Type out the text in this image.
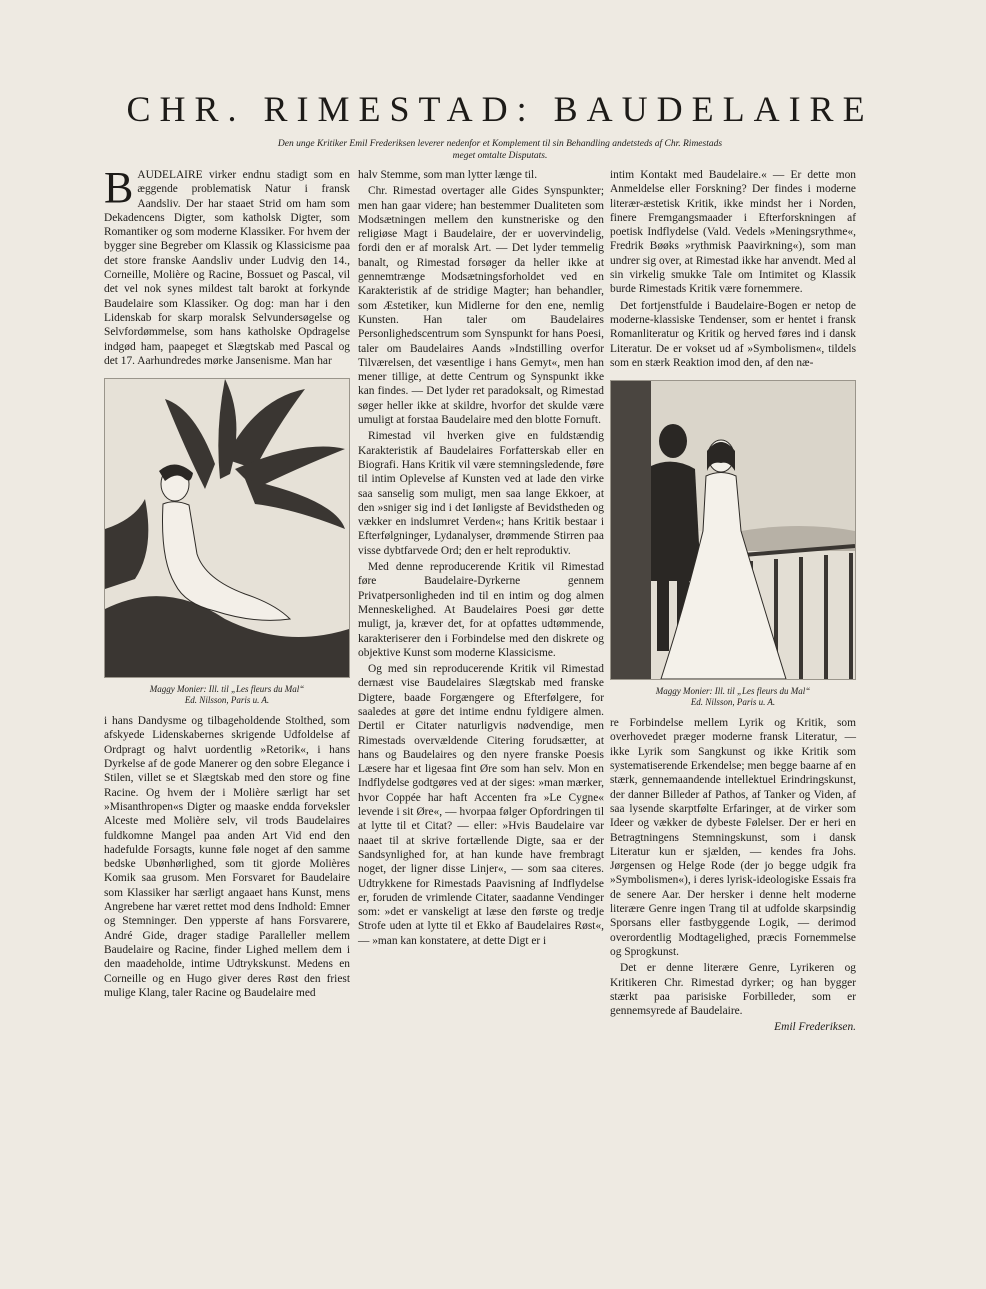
CHR. RIMESTAD: BAUDELAIRE

Den unge Kritiker Emil Frederiksen leverer nedenfor et Komplement til sin Behandling andetsteds af Chr. Rimestads meget omtalte Disputats.

BAUDELAIRE virker endnu stadigt som en æggende problematisk Natur i fransk Aandsliv. Der har staaet Strid om ham som Dekadencens Digter, som katholsk Digter, som Romantiker og som moderne Klassiker. For hvem der bygger sine Begreber om Klassik og Klassicisme paa det store franske Aandsliv under Ludvig den 14., Corneille, Molière og Racine, Bossuet og Pascal, vil det vel nok synes mildest talt barokt at forkynde Baudelaire som Klassiker. Og dog: man har i den Lidenskab for skarp moralsk Selvundersøgelse og Selvfordømmelse, som hans katholske Opdragelse indgød ham, paapeget et Slægtskab med Pascal og det 17. Aarhundredes mørke Jansenisme. Man har

Maggy Monier: Ill. til „Les fleurs du Mal“
Ed. Nilsson, Paris u. A.

i hans Dandysme og tilbageholdende Stolthed, som afskyede Lidenskabernes skrigende Udfoldelse af Ordpragt og halvt uordentlig »Retorik«, i hans Dyrkelse af de gode Manerer og den sobre Elegance i Stilen, villet se et Slægtskab med den store og fine Racine. Og hvem der i Molière særligt har set »Misanthropen«s Digter og maaske endda forveksler Alceste med Molière selv, vil trods Baudelaires fuldkomne Mangel paa anden Art Vid end den hadefulde Forsagts, kunne føle noget af den samme bedske Ubønhørlighed, som tit gjorde Molières Komik saa grusom. Men Forsvaret for Baudelaire som Klassiker har særligt angaaet hans Kunst, mens Angrebene har været rettet mod dens Indhold: Emner og Stemninger. Den ypperste af hans Forsvarere, André Gide, drager stadige Paralleller mellem Baudelaire og Racine, finder Lighed mellem dem i den maadeholde, intime Udtrykskunst. Medens en Corneille og en Hugo giver deres Røst den friest mulige Klang, taler Racine og Baudelaire med

halv Stemme, som man lytter længe til.

Chr. Rimestad overtager alle Gides Synspunkter; men han gaar videre; han bestemmer Dualiteten som Modsætningen mellem den kunstneriske og den religiøse Magt i Baudelaire, der er uovervindelig, fordi den er af moralsk Art. — Det lyder temmelig banalt, og Rimestad forsøger da heller ikke at gennemtrænge Modsætningsforholdet ved en Karakteristik af de stridige Magter; han behandler, som Æstetiker, kun Midlerne for den ene, nemlig Kunsten. Han taler om Baudelaires Personlighedscentrum som Synspunkt for hans Poesi, taler om Baudelaires Aands »Indstilling overfor Tilværelsen, det væsentlige i hans Gemyt«, men han mener tillige, at dette Centrum og Synspunkt ikke kan findes. — Det lyder ret paradoksalt, og Rimestad søger heller ikke at skildre, hvorfor det skulde være umuligt at forstaa Baudelaire med den blotte Fornuft.

Rimestad vil hverken give en fuldstændig Karakteristik af Baudelaires Forfatterskab eller en Biografi. Hans Kritik vil være stemningsledende, føre til intim Oplevelse af Kunsten ved at lade den virke saa sanselig som muligt, men saa lange Ekkoer, at den »sniger sig ind i det Iønligste af Bevidstheden og vækker en indslumret Verden«; hans Kritik bestaar i Efterfølgninger, Lydanalyser, drømmende Stirren paa visse dybtfarvede Ord; den er helt reproduktiv.

Med denne reproducerende Kritik vil Rimestad føre Baudelaire-Dyrkerne gennem Privatpersonligheden ind til en intim og dog almen Menneskelighed. At Baudelaires Poesi gør dette muligt, ja, kræver det, for at opfattes udtømmende, karakteriserer den i Forbindelse med den diskrete og objektive Kunst som moderne Klassicisme.

Og med sin reproducerende Kritik vil Rimestad dernæst vise Baudelaires Slægtskab med franske Digtere, baade Forgængere og Efterfølgere, for saaledes at gøre det intime endnu fyldigere almen. Dertil er Citater naturligvis nødvendige, men Rimestads overvældende Citering forudsætter, at hans og Baudelaires og den nyere franske Poesis Læsere har et ligesaa fint Øre som han selv. Mon en Indflydelse godtgøres ved at der siges: »man mærker, hvor Coppée har haft Accenten fra »Le Cygne« levende i sit Øre«, — hvorpaa følger Opfordringen til at lytte til et Citat? — eller: »Hvis Baudelaire var naaet til at skrive fortællende Digte, saa er der Sandsynlighed for, at han kunde have frembragt noget, der ligner disse Linjer«, — som saa citeres. Udtrykkene for Rimestads Paavisning af Indflydelse er, foruden de vrimlende Citater, saadanne Vendinger som: »det er vanskeligt at læse den første og tredje Strofe uden at lytte til et Ekko af Baudelaires Røst«, — »man kan konstatere, at dette Digt er i

intim Kontakt med Baudelaire.« — Er dette mon Anmeldelse eller Forskning? Der findes i moderne literær-æstetisk Kritik, ikke mindst her i Norden, finere Fremgangsmaader i Efterforskningen af poetisk Indflydelse (Vald. Vedels »Meningsrythme«, Fredrik Bøøks »rythmisk Paavirkning«), som man undrer sig over, at Rimestad ikke har anvendt. Med al sin virkelig smukke Tale om Intimitet og Klassik burde Rimestads Kritik være fornemmere.

Det fortjenstfulde i Baudelaire-Bogen er netop de moderne-klassiske Tendenser, som er hentet i fransk Romanliteratur og Kritik og herved føres ind i dansk Literatur. De er vokset ud af »Symbolismen«, tildels som en stærk Reaktion imod den, af den næ-

Maggy Monier: Ill. til „Les fleurs du Mal“
Ed. Nilsson, Paris u. A.

re Forbindelse mellem Lyrik og Kritik, som overhovedet præger moderne fransk Literatur, — ikke Lyrik som Sangkunst og ikke Kritik som systematiserende Erkendelse; men begge baarne af en stærk, gennemaandende intellektuel Erindringskunst, der danner Billeder af Pathos, af Tanker og Viden, af saa lysende skarptfølte Erfaringer, at de virker som Ideer og vækker de dybeste Følelser. Der er heri en Betragtningens Stemningskunst, som i dansk Literatur kun er sjælden, — kendes fra Johs. Jørgensen og Helge Rode (der jo begge udgik fra »Symbolismen«), i deres lyrisk-ideologiske Essais fra de senere Aar. Der hersker i denne helt moderne literære Genre ingen Trang til at udfolde skarpsindig Sporsans eller fastbyggende Logik, — derimod overordentlig Modtagelighed, præcis Fornemmelse og Sprogkunst.

Det er denne literære Genre, Lyrikeren og Kritikeren Chr. Rimestad dyrker; og han bygger stærkt paa parisiske Forbilleder, som er gennemsyrede af Baudelaire.

Emil Frederiksen.
